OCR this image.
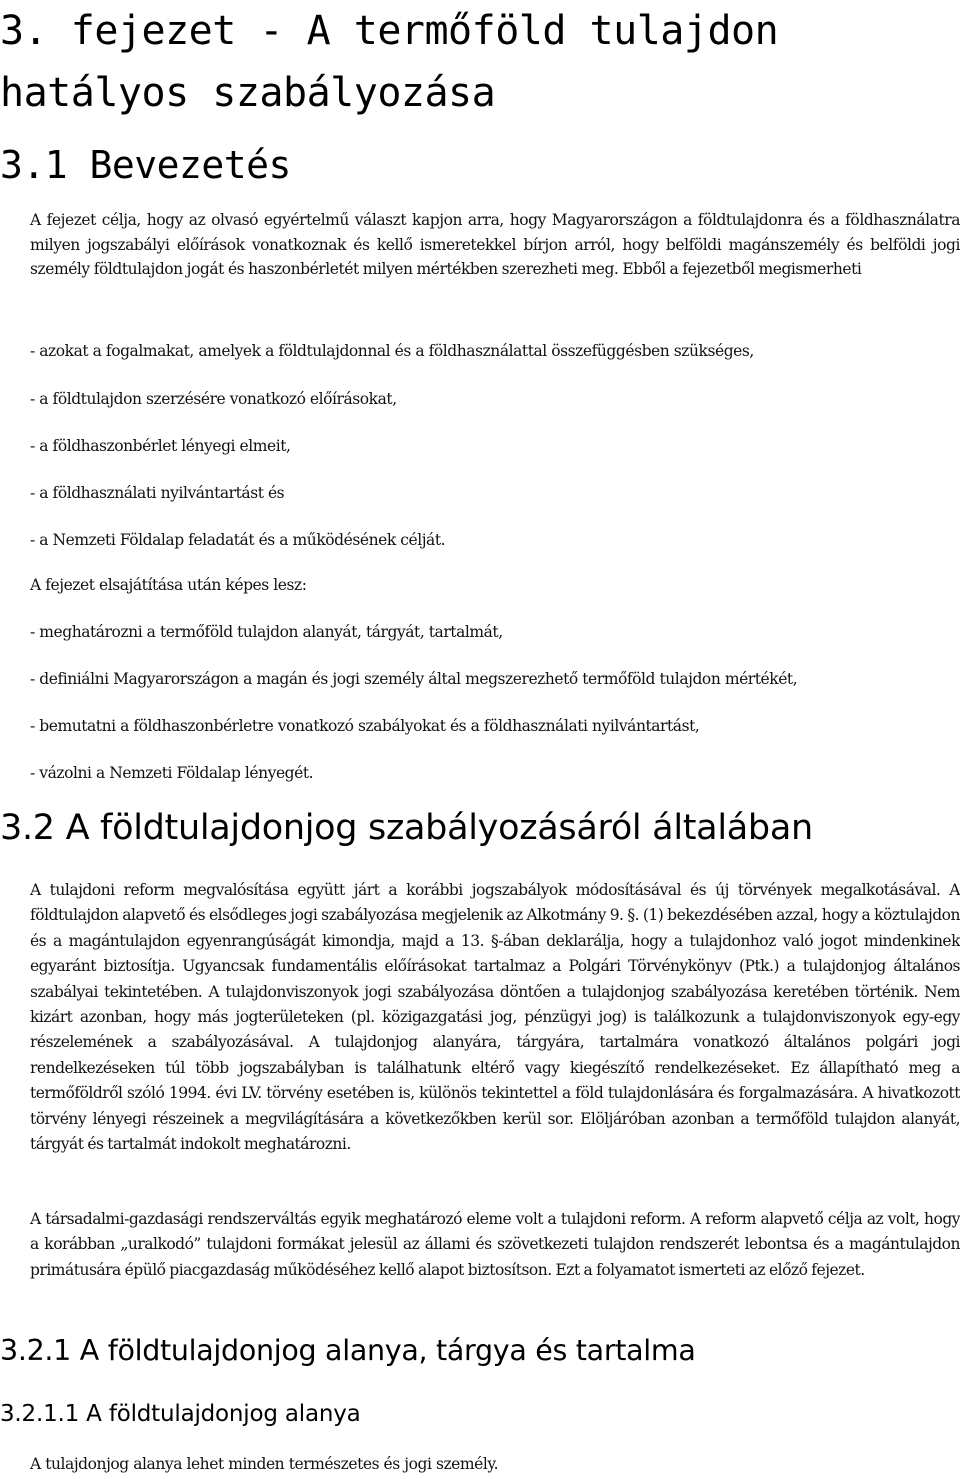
3. fejezet - A termőföld tulajdon hatályos szabályozása
3.1 Bevezetés

A fejezet célja, hogy az olvasó egyértelmű választ kapjon arra, hogy Magyarországon a földtulajdonra és a földhasználatra milyen jogszabályi előírások vonatkoznak és kellő ismeretekkel bírjon arról, hogy belföldi magánszemély és belföldi jogi személy földtulajdon jogát és haszonbérletét milyen mértékben szerezheti meg. Ebből a fejezetből megismerheti

- azokat a fogalmakat, amelyek a földtulajdonnal és a földhasználattal összefüggésben szükséges,

- a földtulajdon szerzésére vonatkozó előírásokat,

- a földhaszonbérlet lényegi elmeit,

- a földhasználati nyilvántartást és

- a Nemzeti Földalap feladatát és a működésének célját.

A fejezet elsajátítása után képes lesz:

- meghatározni a termőföld tulajdon alanyát, tárgyát, tartalmát,

- definiálni Magyarországon a magán és jogi személy által megszerezhető termőföld tulajdon mértékét,

- bemutatni a földhaszonbérletre vonatkozó szabályokat és a földhasználati nyilvántartást,

- vázolni a Nemzeti Földalap lényegét.

3.2 A földtulajdonjog szabályozásáról általában

A tulajdoni reform megvalósítása együtt járt a korábbi jogszabályok módosításával és új törvények megalkotásával. A földtulajdon alapvető és elsődleges jogi szabályozása megjelenik az Alkotmány 9. §. (1) bekezdésében azzal, hogy a köztulajdon és a magántulajdon egyenrangúságát kimondja, majd a 13. §-ában deklarálja, hogy a tulajdonhoz való jogot mindenkinek egyaránt biztosítja. Ugyancsak fundamentális előírásokat tartalmaz a Polgári Törvénykönyv (Ptk.) a tulajdonjog általános szabályai tekintetében. A tulajdonviszonyok jogi szabályozása döntően a tulajdonjog szabályozása keretében történik. Nem kizárt azonban, hogy más jogterületeken (pl. közigazgatási jog, pénzügyi jog) is találkozunk a tulajdonviszonyok egy-egy részelemének a szabályozásával. A tulajdonjog alanyára, tárgyára, tartalmára vonatkozó általános polgári jogi rendelkezéseken túl több jogszabályban is találhatunk eltérő vagy kiegészítő rendelkezéseket. Ez állapítható meg a termőföldről szóló 1994. évi LV. törvény esetében is, különös tekintettel a föld tulajdonlására és forgalmazására. A hivatkozott törvény lényegi részeinek a megvilágítására a következőkben kerül sor. Elöljáróban azonban a termőföld tulajdon alanyát, tárgyát és tartalmát indokolt meghatározni.

A társadalmi-gazdasági rendszerváltás egyik meghatározó eleme volt a tulajdoni reform. A reform alapvető célja az volt, hogy a korábban „uralkodó” tulajdoni formákat jelesül az állami és szövetkezeti tulajdon rendszerét lebontsa és a magántulajdon primátusára épülő piacgazdaság működéséhez kellő alapot biztosítson. Ezt a folyamatot ismerteti az előző fejezet.

3.2.1 A földtulajdonjog alanya, tárgya és tartalma
3.2.1.1 A földtulajdonjog alanya

A tulajdonjog alanya lehet minden természetes és jogi személy.
